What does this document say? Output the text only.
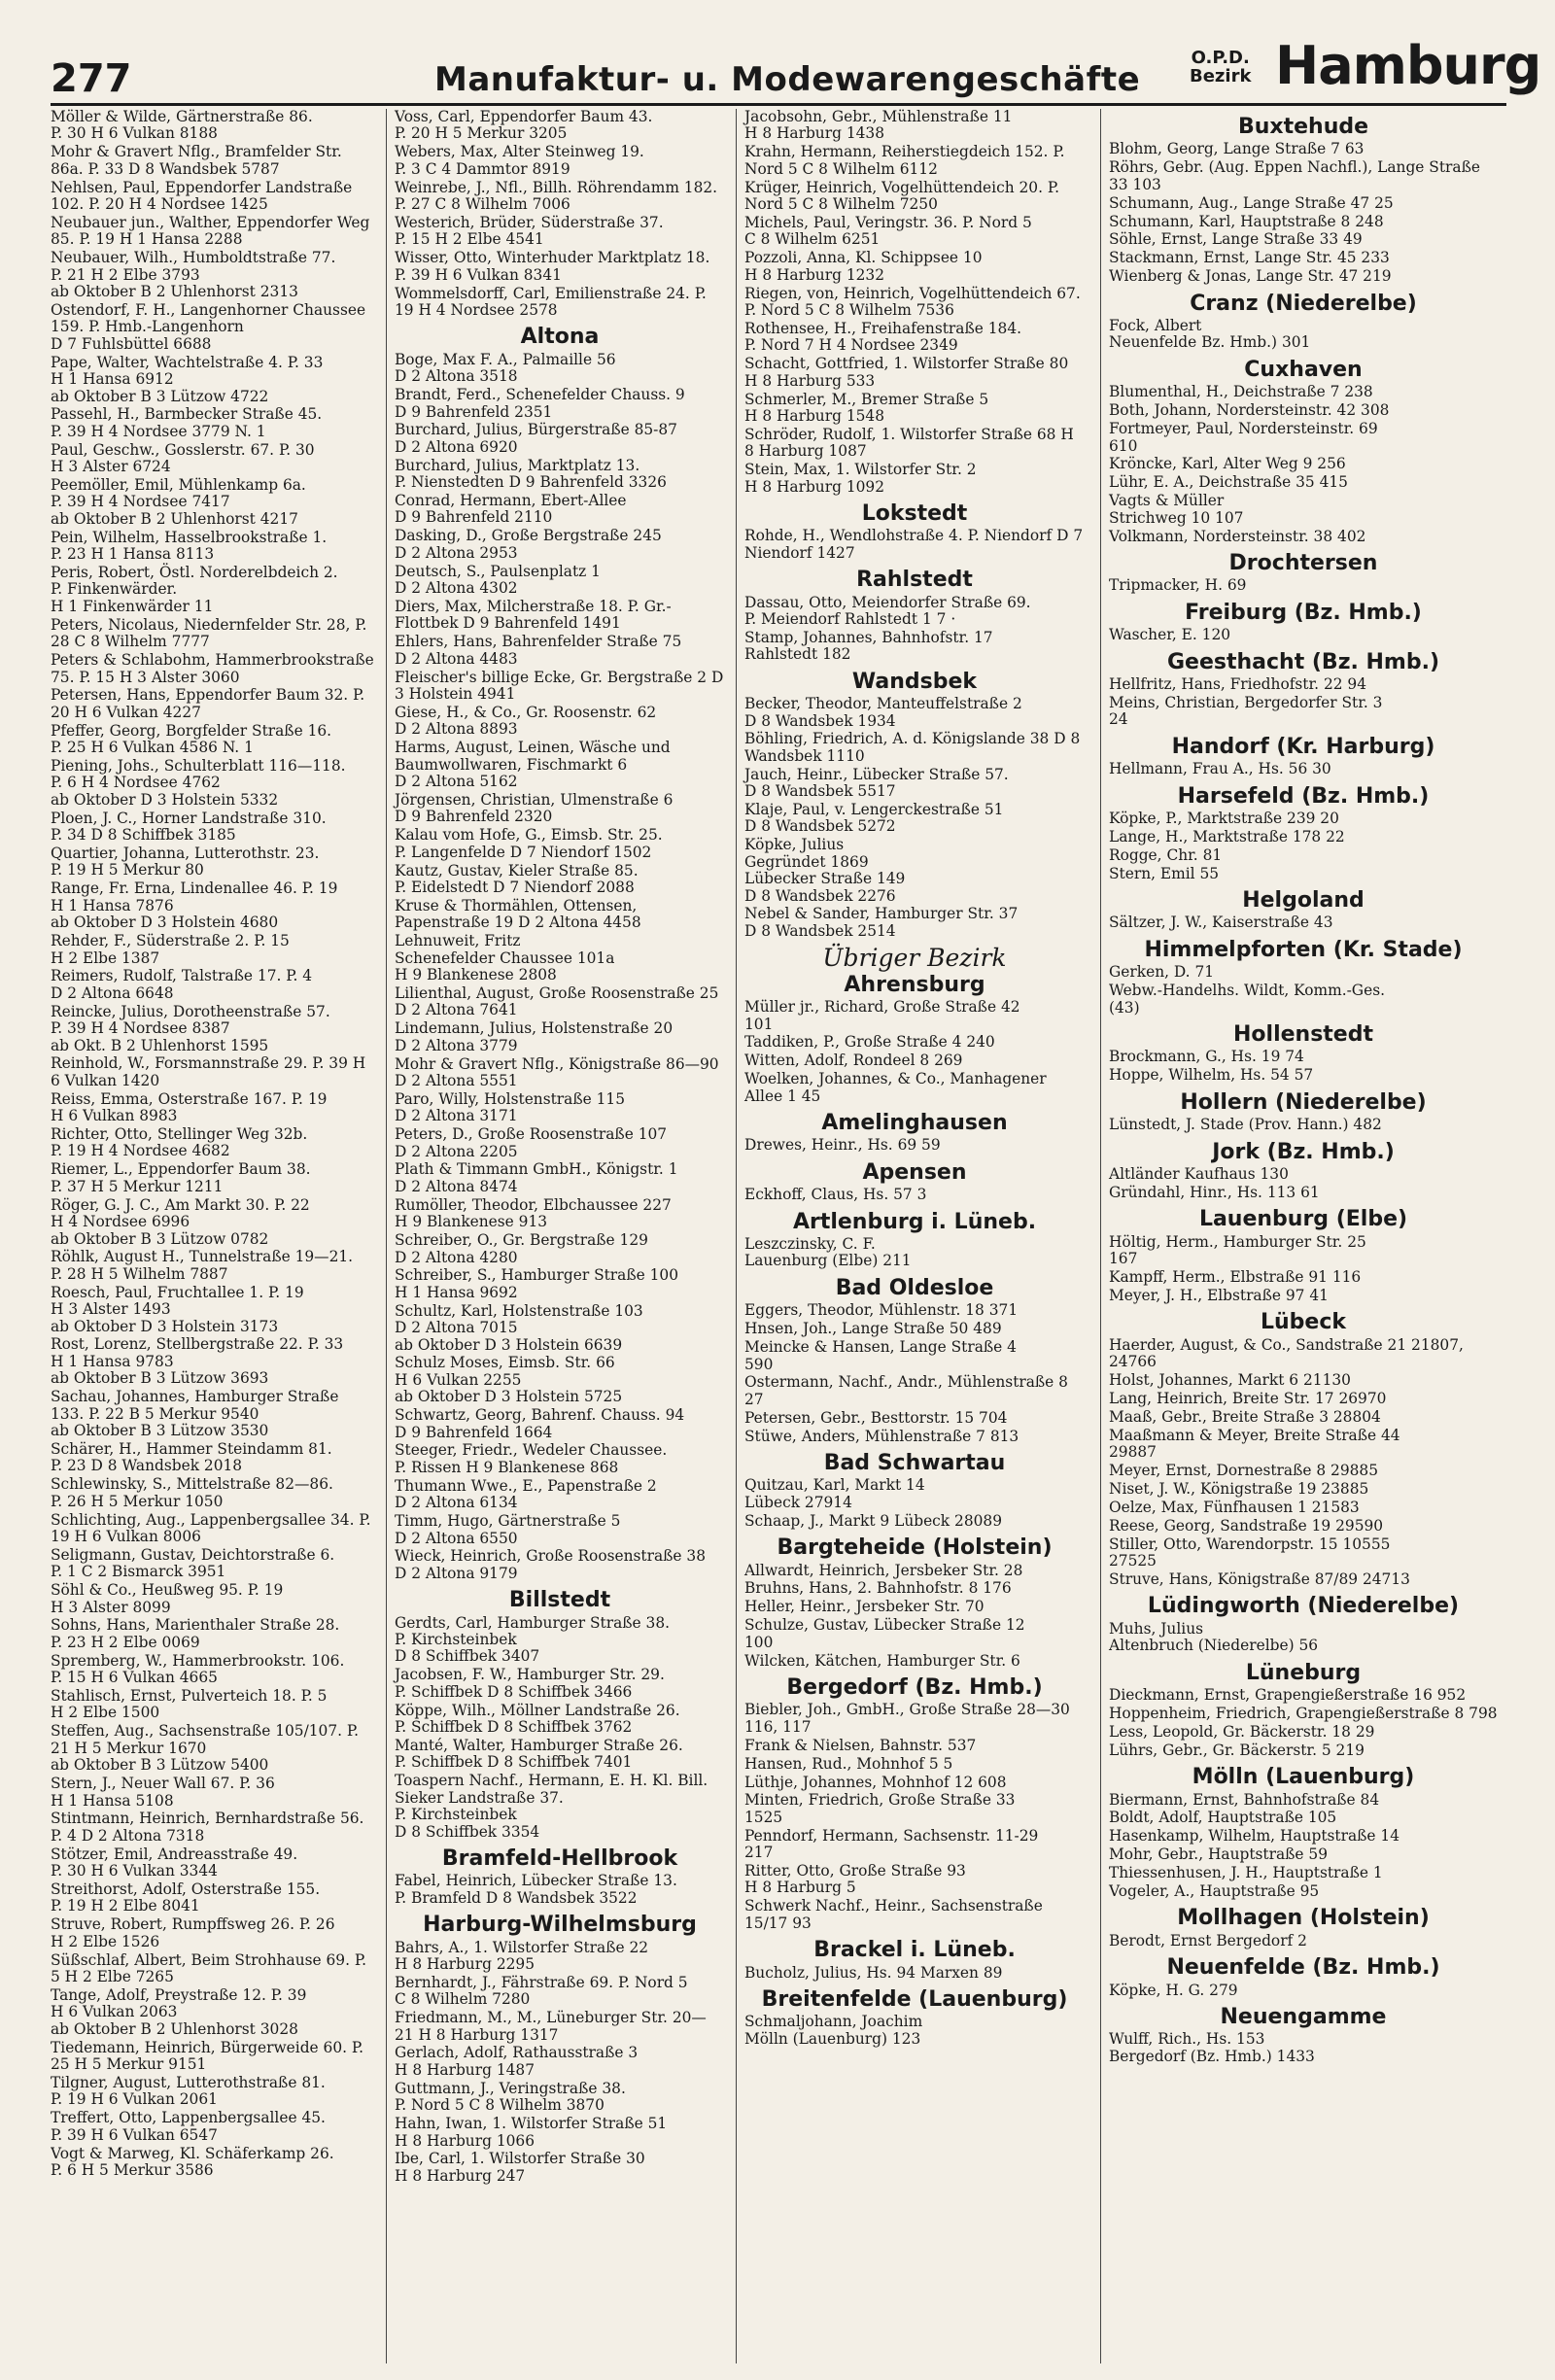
277	Manufaktur- u. Modewarengeschäfte
O.P.D.
Bezirk Hamburg
Möller & Wilde, Gärtnerstraße 86.
P. 30 H 6 Vulkan 8188
Mohr & Gravert Nflg., Bramfelder Str. 86a. P. 33 D 8 Wandsbek 5787
Nehlsen, Paul, Eppendorfer Landstraße 102. P. 20 H 4 Nordsee 1425
Neubauer jun., Walther, Eppendorfer Weg 85. P. 19 H 1 Hansa 2288
Neubauer, Wilh., Humboldtstraße 77.
P. 21 H 2 Elbe 3793
ab Oktober B 2 Uhlenhorst 2313
Ostendorf, F. H., Langenhorner Chaussee 159. P. Hmb.-Langenhorn
D 7 Fuhlsbüttel 6688
Pape, Walter, Wachtelstraße 4. P. 33
H 1 Hansa 6912
ab Oktober B 3 Lützow 4722
Passehl, H., Barmbecker Straße 45.
P. 39 H 4 Nordsee 3779 N. 1
Paul, Geschw., Gosslerstr. 67. P. 30
H 3 Alster 6724
Peemöller, Emil, Mühlenkamp 6a.
P. 39 H 4 Nordsee 7417
ab Oktober B 2 Uhlenhorst 4217
Pein, Wilhelm, Hasselbrookstraße 1.
P. 23 H 1 Hansa 8113
Peris, Robert, Östl. Norderelbdeich 2.
P. Finkenwärder.
H 1 Finkenwärder 11
Peters, Nicolaus, Niedernfelder Str. 28, P. 28 C 8 Wilhelm 7777
Peters & Schlabohm, Hammerbrookstraße 75. P. 15 H 3 Alster 3060
Petersen, Hans, Eppendorfer Baum 32. P. 20 H 6 Vulkan 4227
Pfeffer, Georg, Borgfelder Straße 16.
P. 25 H 6 Vulkan 4586 N. 1
Piening, Johs., Schulterblatt 116—118.
P. 6 H 4 Nordsee 4762
ab Oktober D 3 Holstein 5332
Ploen, J. C., Horner Landstraße 310.
P. 34 D 8 Schiffbek 3185
Quartier, Johanna, Lutterothstr. 23.
P. 19 H 5 Merkur 80
Range, Fr. Erna, Lindenallee 46. P. 19
H 1 Hansa 7876
ab Oktober D 3 Holstein 4680
Rehder, F., Süderstraße 2. P. 15
H 2 Elbe 1387
Reimers, Rudolf, Talstraße 17. P. 4
D 2 Altona 6648
Reincke, Julius, Dorotheenstraße 57.
P. 39 H 4 Nordsee 8387
ab Okt. B 2 Uhlenhorst 1595
Reinhold, W., Forsmannstraße 29. P. 39 H 6 Vulkan 1420
Reiss, Emma, Osterstraße 167. P. 19
H 6 Vulkan 8983
Richter, Otto, Stellinger Weg 32b.
P. 19 H 4 Nordsee 4682
Riemer, L., Eppendorfer Baum 38.
P. 37 H 5 Merkur 1211
Röger, G. J. C., Am Markt 30. P. 22
H 4 Nordsee 6996
ab Oktober B 3 Lützow 0782
Röhlk, August H., Tunnelstraße 19—21.
P. 28 H 5 Wilhelm 7887
Roesch, Paul, Fruchtallee 1. P. 19
H 3 Alster 1493
ab Oktober D 3 Holstein 3173
Rost, Lorenz, Stellbergstraße 22. P. 33
H 1 Hansa 9783
ab Oktober B 3 Lützow 3693
Sachau, Johannes, Hamburger Straße 133. P. 22 B 5 Merkur 9540
ab Oktober B 3 Lützow 3530
Schärer, H., Hammer Steindamm 81.
P. 23 D 8 Wandsbek 2018
Schlewinsky, S., Mittelstraße 82—86.
P. 26 H 5 Merkur 1050
Schlichting, Aug., Lappenbergsallee 34. P. 19 H 6 Vulkan 8006
Seligmann, Gustav, Deichtorstraße 6.
P. 1 C 2 Bismarck 3951
Söhl & Co., Heußweg 95. P. 19
H 3 Alster 8099
Sohns, Hans, Marienthaler Straße 28.
P. 23 H 2 Elbe 0069
Spremberg, W., Hammerbrookstr. 106.
P. 15 H 6 Vulkan 4665
Stahlisch, Ernst, Pulverteich 18. P. 5
H 2 Elbe 1500
Steffen, Aug., Sachsenstraße 105/107. P. 21 H 5 Merkur 1670
ab Oktober B 3 Lützow 5400
Stern, J., Neuer Wall 67. P. 36
H 1 Hansa 5108
Stintmann, Heinrich, Bernhardstraße 56. P. 4 D 2 Altona 7318
Stötzer, Emil, Andreasstraße 49.
P. 30 H 6 Vulkan 3344
Streithorst, Adolf, Osterstraße 155.
P. 19 H 2 Elbe 8041
Struve, Robert, Rumpffsweg 26. P. 26
H 2 Elbe 1526
Süßschlaf, Albert, Beim Strohhause 69. P. 5 H 2 Elbe 7265
Tange, Adolf, Preystraße 12. P. 39
H 6 Vulkan 2063
ab Oktober B 2 Uhlenhorst 3028
Tiedemann, Heinrich, Bürgerweide 60. P. 25 H 5 Merkur 9151
Tilgner, August, Lutterothstraße 81.
P. 19 H 6 Vulkan 2061
Treffert, Otto, Lappenbergsallee 45.
P. 39 H 6 Vulkan 6547
Vogt & Marweg, Kl. Schäferkamp 26.
P. 6 H 5 Merkur 3586
Voss, Carl, Eppendorfer Baum 43.
P. 20 H 5 Merkur 3205
Webers, Max, Alter Steinweg 19.
P. 3 C 4 Dammtor 8919
Weinrebe, J., Nfl., Billh. Röhrendamm 182. P. 27 C 8 Wilhelm 7006
Westerich, Brüder, Süderstraße 37.
P. 15 H 2 Elbe 4541
Wisser, Otto, Winterhuder Marktplatz 18. P. 39 H 6 Vulkan 8341
Wommelsdorff, Carl, Emilienstraße 24. P. 19 H 4 Nordsee 2578
Altona
Boge, Max F. A., Palmaille 56
D 2 Altona 3518
Brandt, Ferd., Schenefelder Chauss. 9
D 9 Bahrenfeld 2351
Burchard, Julius, Bürgerstraße 85-87
D 2 Altona 6920
Burchard, Julius, Marktplatz 13.
P. Nienstedten D 9 Bahrenfeld 3326
Conrad, Hermann, Ebert-Allee
D 9 Bahrenfeld 2110
Dasking, D., Große Bergstraße 245
D 2 Altona 2953
Deutsch, S., Paulsenplatz 1
D 2 Altona 4302
Diers, Max, Milcherstraße 18. P. Gr.-Flottbek D 9 Bahrenfeld 1491
Ehlers, Hans, Bahrenfelder Straße 75
D 2 Altona 4483
Fleischer's billige Ecke, Gr. Bergstraße 2 D 3 Holstein 4941
Giese, H., & Co., Gr. Roosenstr. 62
D 2 Altona 8893
Harms, August, Leinen, Wäsche und Baumwollwaren, Fischmarkt 6
D 2 Altona 5162
Jörgensen, Christian, Ulmenstraße 6
D 9 Bahrenfeld 2320
Kalau vom Hofe, G., Eimsb. Str. 25.
P. Langenfelde D 7 Niendorf 1502
Kautz, Gustav, Kieler Straße 85.
P. Eidelstedt D 7 Niendorf 2088
Kruse & Thormählen, Ottensen, Papenstraße 19 D 2 Altona 4458
Lehnuweit, Fritz
Schenefelder Chaussee 101a
H 9 Blankenese 2808
Lilienthal, August, Große Roosenstraße 25 D 2 Altona 7641
Lindemann, Julius, Holstenstraße 20
D 2 Altona 3779
Mohr & Gravert Nflg., Königstraße 86—90 D 2 Altona 5551
Paro, Willy, Holstenstraße 115
D 2 Altona 3171
Peters, D., Große Roosenstraße 107
D 2 Altona 2205
Plath & Timmann GmbH., Königstr. 1
D 2 Altona 8474
Rumöller, Theodor, Elbchaussee 227
H 9 Blankenese 913
Schreiber, O., Gr. Bergstraße 129
D 2 Altona 4280
Schreiber, S., Hamburger Straße 100
H 1 Hansa 9692
Schultz, Karl, Holstenstraße 103
D 2 Altona 7015
ab Oktober D 3 Holstein 6639
Schulz Moses, Eimsb. Str. 66
H 6 Vulkan 2255
ab Oktober D 3 Holstein 5725
Schwartz, Georg, Bahrenf. Chauss. 94
D 9 Bahrenfeld 1664
Steeger, Friedr., Wedeler Chaussee.
P. Rissen H 9 Blankenese 868
Thumann Wwe., E., Papenstraße 2
D 2 Altona 6134
Timm, Hugo, Gärtnerstraße 5
D 2 Altona 6550
Wieck, Heinrich, Große Roosenstraße 38
D 2 Altona 9179
Billstedt
Gerdts, Carl, Hamburger Straße 38.
P. Kirchsteinbek
D 8 Schiffbek 3407
Jacobsen, F. W., Hamburger Str. 29.
P. Schiffbek D 8 Schiffbek 3466
Köppe, Wilh., Möllner Landstraße 26.
P. Schiffbek D 8 Schiffbek 3762
Manté, Walter, Hamburger Straße 26.
P. Schiffbek D 8 Schiffbek 7401
Toaspern Nachf., Hermann, E. H. Kl. Bill. Sieker Landstraße 37.
P. Kirchsteinbek
D 8 Schiffbek 3354
Bramfeld-Hellbrook
Fabel, Heinrich, Lübecker Straße 13.
P. Bramfeld D 8 Wandsbek 3522
Harburg-Wilhelmsburg
Bahrs, A., 1. Wilstorfer Straße 22
H 8 Harburg 2295
Bernhardt, J., Fährstraße 69. P. Nord 5
C 8 Wilhelm 7280
Friedmann, M., M., Lüneburger Str. 20—21 H 8 Harburg 1317
Gerlach, Adolf, Rathausstraße 3
H 8 Harburg 1487
Guttmann, J., Veringstraße 38.
P. Nord 5 C 8 Wilhelm 3870
Hahn, Iwan, 1. Wilstorfer Straße 51
H 8 Harburg 1066
Ibe, Carl, 1. Wilstorfer Straße 30
H 8 Harburg 247
Jacobsohn, Gebr., Mühlenstraße 11
H 8 Harburg 1438
Krahn, Hermann, Reiherstiegdeich 152. P. Nord 5 C 8 Wilhelm 6112
Krüger, Heinrich, Vogelhüttendeich 20. P. Nord 5 C 8 Wilhelm 7250
Michels, Paul, Veringstr. 36. P. Nord 5
C 8 Wilhelm 6251
Pozzoli, Anna, Kl. Schippsee 10
H 8 Harburg 1232
Riegen, von, Heinrich, Vogelhüttendeich 67. P. Nord 5 C 8 Wilhelm 7536
Rothensee, H., Freihafenstraße 184.
P. Nord 7 H 4 Nordsee 2349
Schacht, Gottfried, 1. Wilstorfer Straße 80 H 8 Harburg 533
Schmerler, M., Bremer Straße 5
H 8 Harburg 1548
Schröder, Rudolf, 1. Wilstorfer Straße 68 H 8 Harburg 1087
Stein, Max, 1. Wilstorfer Str. 2
H 8 Harburg 1092
Lokstedt
Rohde, H., Wendlohstraße 4. P. Niendorf D 7 Niendorf 1427
Rahlstedt
Dassau, Otto, Meiendorfer Straße 69.
P. Meiendorf Rahlstedt 1 7 ·
Stamp, Johannes, Bahnhofstr. 17
Rahlstedt 182
Wandsbek
Becker, Theodor, Manteuffelstraße 2
D 8 Wandsbek 1934
Böhling, Friedrich, A. d. Königslande 38 D 8 Wandsbek 1110
Jauch, Heinr., Lübecker Straße 57.
D 8 Wandsbek 5517
Klaje, Paul, v. Lengerckestraße 51
D 8 Wandsbek 5272
Köpke, Julius
Gegründet 1869
Lübecker Straße 149
D 8 Wandsbek 2276
Nebel & Sander, Hamburger Str. 37
D 8 Wandsbek 2514
Übriger Bezirk
Ahrensburg
Müller jr., Richard, Große Straße 42
101
Taddiken, P., Große Straße 4 240
Witten, Adolf, Rondeel 8 269
Woelken, Johannes, & Co., Manhagener Allee 1 45
Amelinghausen
Drewes, Heinr., Hs. 69 59
Apensen
Eckhoff, Claus, Hs. 57 3
Artlenburg i. Lüneb.
Leszczinsky, C. F.
Lauenburg (Elbe) 211
Bad Oldesloe
Eggers, Theodor, Mühlenstr. 18 371
Hnsen, Joh., Lange Straße 50 489
Meincke & Hansen, Lange Straße 4
590
Ostermann, Nachf., Andr., Mühlenstraße 8 27
Petersen, Gebr., Besttorstr. 15 704
Stüwe, Anders, Mühlenstraße 7 813
Bad Schwartau
Quitzau, Karl, Markt 14
Lübeck 27914
Schaap, J., Markt 9 Lübeck 28089
Bargteheide (Holstein)
Allwardt, Heinrich, Jersbeker Str. 28
Bruhns, Hans, 2. Bahnhofstr. 8 176
Heller, Heinr., Jersbeker Str. 70
Schulze, Gustav, Lübecker Straße 12
100
Wilcken, Kätchen, Hamburger Str. 6
Bergedorf (Bz. Hmb.)
Biebler, Joh., GmbH., Große Straße 28—30 116, 117
Frank & Nielsen, Bahnstr. 537
Hansen, Rud., Mohnhof 5 5
Lüthje, Johannes, Mohnhof 12 608
Minten, Friedrich, Große Straße 33
1525
Penndorf, Hermann, Sachsenstr. 11-29
217
Ritter, Otto, Große Straße 93
H 8 Harburg 5
Schwerk Nachf., Heinr., Sachsenstraße 15/17 93
Brackel i. Lüneb.
Bucholz, Julius, Hs. 94 Marxen 89
Breitenfelde (Lauenburg)
Schmaljohann, Joachim
Mölln (Lauenburg) 123
Buxtehude
Blohm, Georg, Lange Straße 7 63
Röhrs, Gebr. (Aug. Eppen Nachfl.), Lange Straße 33 103
Schumann, Aug., Lange Straße 47 25
Schumann, Karl, Hauptstraße 8 248
Söhle, Ernst, Lange Straße 33 49
Stackmann, Ernst, Lange Str. 45 233
Wienberg & Jonas, Lange Str. 47 219
Cranz (Niederelbe)
Fock, Albert
Neuenfelde Bz. Hmb.) 301
Cuxhaven
Blumenthal, H., Deichstraße 7 238
Both, Johann, Nordersteinstr. 42 308
Fortmeyer, Paul, Nordersteinstr. 69
610
Kröncke, Karl, Alter Weg 9 256
Lühr, E. A., Deichstraße 35 415
Vagts & Müller
Strichweg 10 107
Volkmann, Nordersteinstr. 38 402
Drochtersen
Tripmacker, H. 69
Freiburg (Bz. Hmb.)
Wascher, E. 120
Geesthacht (Bz. Hmb.)
Hellfritz, Hans, Friedhofstr. 22 94
Meins, Christian, Bergedorfer Str. 3
24
Handorf (Kr. Harburg)
Hellmann, Frau A., Hs. 56 30
Harsefeld (Bz. Hmb.)
Köpke, P., Marktstraße 239 20
Lange, H., Marktstraße 178 22
Rogge, Chr. 81
Stern, Emil 55
Helgoland
Sältzer, J. W., Kaiserstraße 43
Himmelpforten (Kr. Stade)
Gerken, D. 71
Webw.-Handelhs. Wildt, Komm.-Ges.
(43)
Hollenstedt
Brockmann, G., Hs. 19 74
Hoppe, Wilhelm, Hs. 54 57
Hollern (Niederelbe)
Lünstedt, J. Stade (Prov. Hann.) 482
Jork (Bz. Hmb.)
Altländer Kaufhaus 130
Gründahl, Hinr., Hs. 113 61
Lauenburg (Elbe)
Höltig, Herm., Hamburger Str. 25
167
Kampff, Herm., Elbstraße 91 116
Meyer, J. H., Elbstraße 97 41
Lübeck
Haerder, August, & Co., Sandstraße 21 21807, 24766
Holst, Johannes, Markt 6 21130
Lang, Heinrich, Breite Str. 17 26970
Maaß, Gebr., Breite Straße 3 28804
Maaßmann & Meyer, Breite Straße 44
29887
Meyer, Ernst, Dornestraße 8 29885
Niset, J. W., Königstraße 19 23885
Oelze, Max, Fünfhausen 1 21583
Reese, Georg, Sandstraße 19 29590
Stiller, Otto, Warendorpstr. 15 10555
27525
Struve, Hans, Königstraße 87/89 24713
Lüdingworth (Niederelbe)
Muhs, Julius
Altenbruch (Niederelbe) 56
Lüneburg
Dieckmann, Ernst, Grapengießerstraße 16 952
Hoppenheim, Friedrich, Grapengießerstraße 8 798
Less, Leopold, Gr. Bäckerstr. 18 29
Lührs, Gebr., Gr. Bäckerstr. 5 219
Mölln (Lauenburg)
Biermann, Ernst, Bahnhofstraße 84
Boldt, Adolf, Hauptstraße 105
Hasenkamp, Wilhelm, Hauptstraße 14
Mohr, Gebr., Hauptstraße 59
Thiessenhusen, J. H., Hauptstraße 1
Vogeler, A., Hauptstraße 95
Mollhagen (Holstein)
Berodt, Ernst Bergedorf 2
Neuenfelde (Bz. Hmb.)
Köpke, H. G. 279
Neuengamme
Wulff, Rich., Hs. 153
Bergedorf (Bz. Hmb.) 1433
